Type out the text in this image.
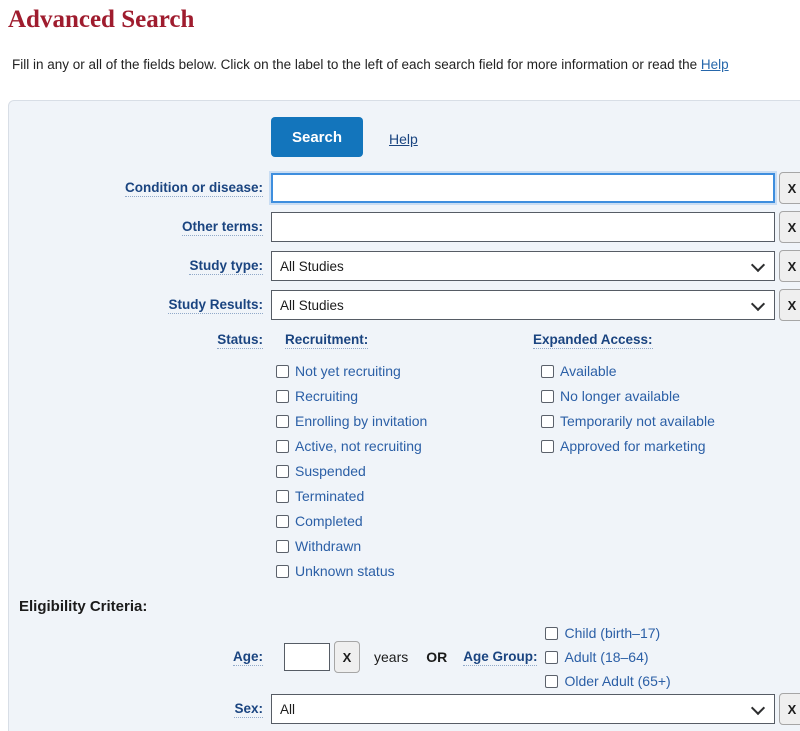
Advanced Search

Fill in any or all of the fields below. Click on the label to the left of each search field for more information or read the Help

Search	Help
Condition or disease:	X
Other terms:	X
Study type:
All Studies	X
Study Results:
All Studies	X
Status:	Recruitment:	Expanded Access:
Not yet recruiting
Recruiting
Enrolling by invitation
Active, not recruiting
Suspended
Terminated
Completed
Withdrawn
Unknown status
Available
No longer available
Temporarily not available
Approved for marketing
Eligibility Criteria:
Age:	X	years OR Age Group:
Child (birth–17)
Adult (18–64)
Older Adult (65+)
Sex:
All	X
